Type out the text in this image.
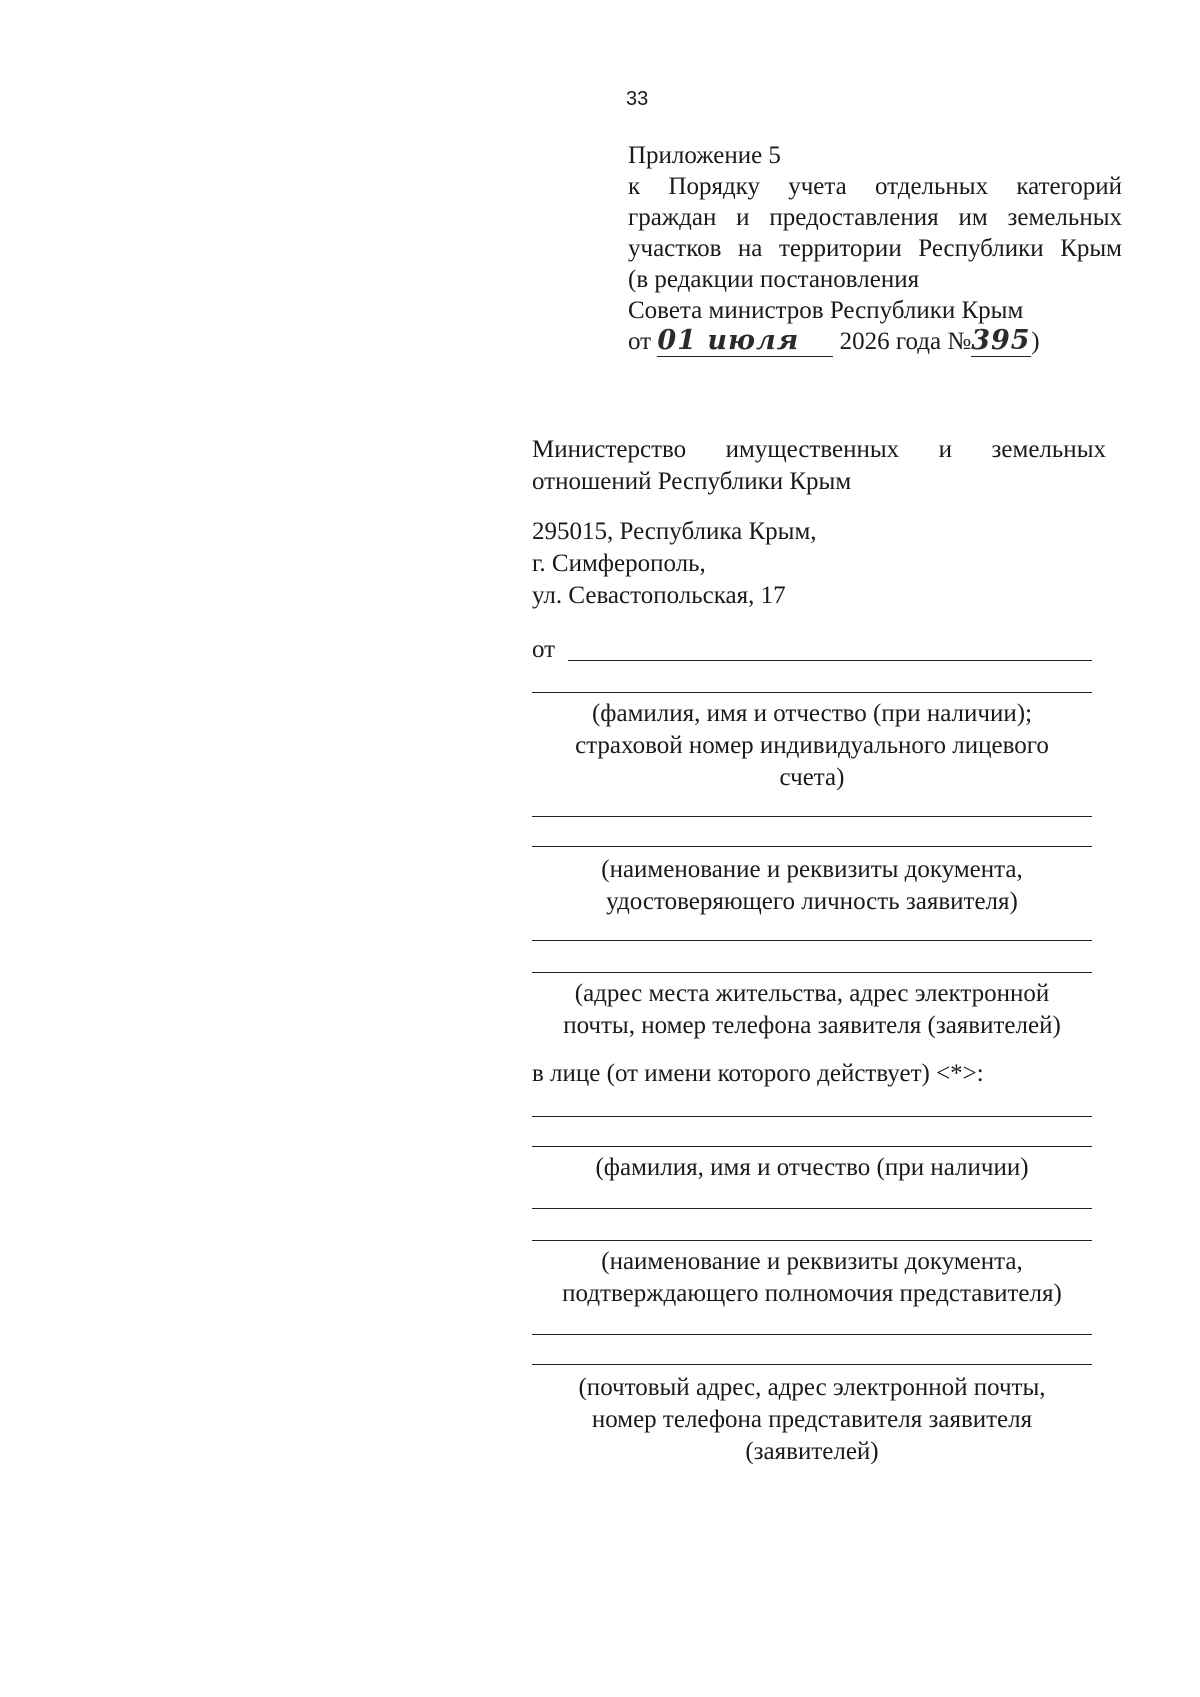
33
Приложение 5
к Порядку учета отдельных категорий
граждан и предоставления им земельных
участков на территории Республики Крым
(в редакции постановления
Совета министров Республики Крым
от 01 июля 2026 года №395)
Министерство имущественных и земельных
отношений Республики Крым
295015, Республика Крым,
г. Симферополь,
ул. Севастопольская, 17
от
(фамилия, имя и отчество (при наличии);
страховой номер индивидуального лицевого
счета)
(наименование и реквизиты документа,
удостоверяющего личность заявителя)
(адрес места жительства, адрес электронной
почты, номер телефона заявителя (заявителей)
в лице (от имени которого действует) <*>:
(фамилия, имя и отчество (при наличии)
(наименование и реквизиты документа,
подтверждающего полномочия представителя)
(почтовый адрес, адрес электронной почты,
номер телефона представителя заявителя
(заявителей)
